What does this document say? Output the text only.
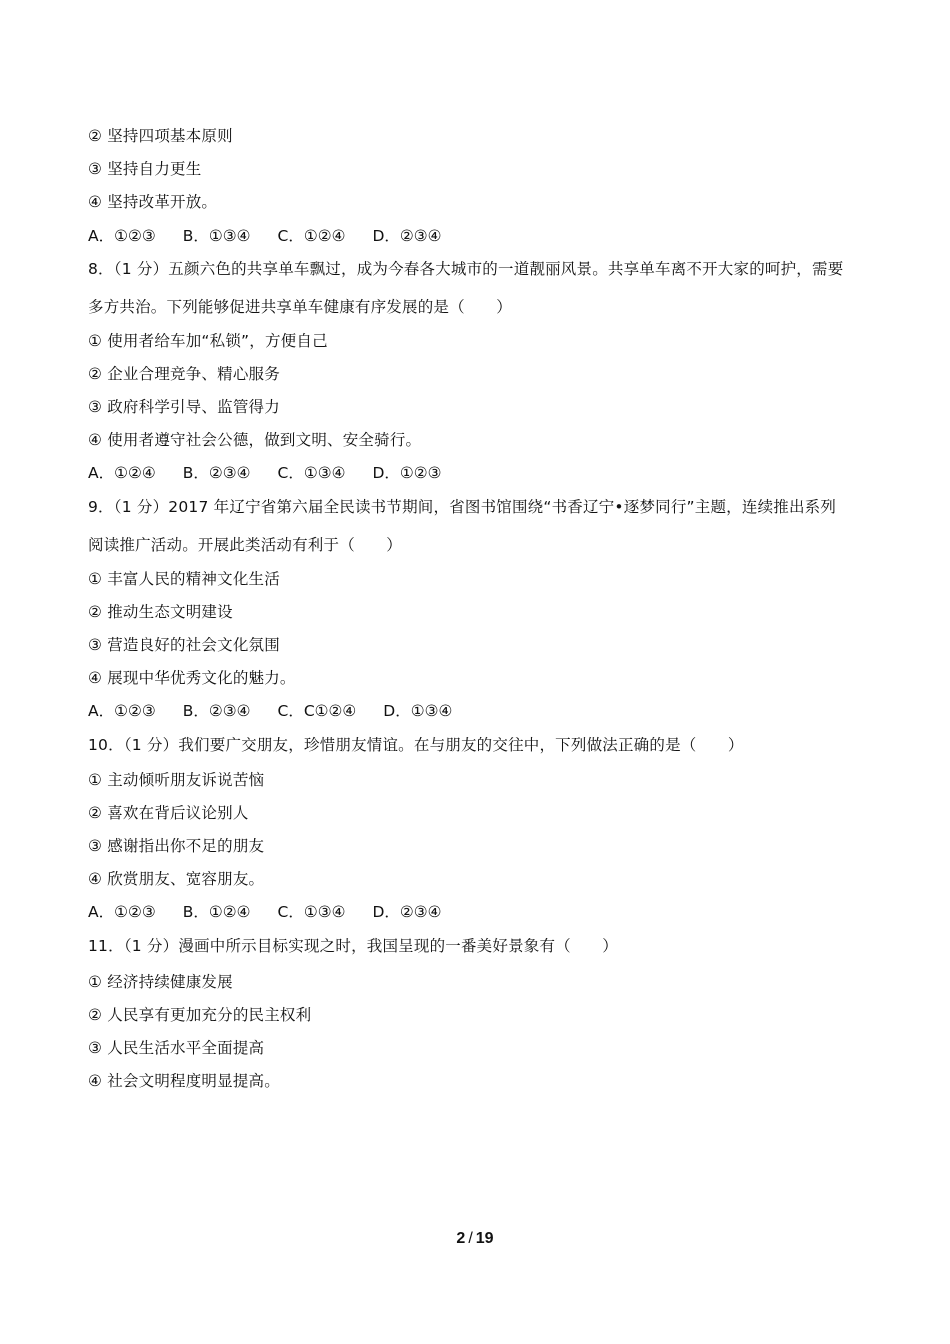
② 坚持四项基本原则
③ 坚持自力更生
④ 坚持改革开放。
A．①②③ B．①③④ C．①②④ D．②③④
8．（1 分）五颜六色的共享单车飘过，成为今春各大城市的一道靓丽风景。共享单车离不开大家的呵护，需要
多方共治。下列能够促进共享单车健康有序发展的是（　　）
① 使用者给车加“私锁”，方便自己
② 企业合理竞争、精心服务
③ 政府科学引导、监管得力
④ 使用者遵守社会公德，做到文明、安全骑行。
A．①②④ B．②③④ C．①③④ D．①②③
9．（1 分）2017 年辽宁省第六届全民读书节期间，省图书馆围绕“书香辽宁•逐梦同行”主题，连续推出系列
阅读推广活动。开展此类活动有利于（　　）
① 丰富人民的精神文化生活
② 推动生态文明建设
③ 营造良好的社会文化氛围
④ 展现中华优秀文化的魅力。
A．①②③ B．②③④ C．C①②④ D．①③④
10．（1 分）我们要广交朋友，珍惜朋友情谊。在与朋友的交往中，下列做法正确的是（　　）
① 主动倾听朋友诉说苦恼
② 喜欢在背后议论别人
③ 感谢指出你不足的朋友
④ 欣赏朋友、宽容朋友。
A．①②③ B．①②④ C．①③④ D．②③④
11．（1 分）漫画中所示目标实现之时，我国呈现的一番美好景象有（　　）
① 经济持续健康发展
② 人民享有更加充分的民主权利
③ 人民生活水平全面提高
④ 社会文明程度明显提高。
2 / 19
